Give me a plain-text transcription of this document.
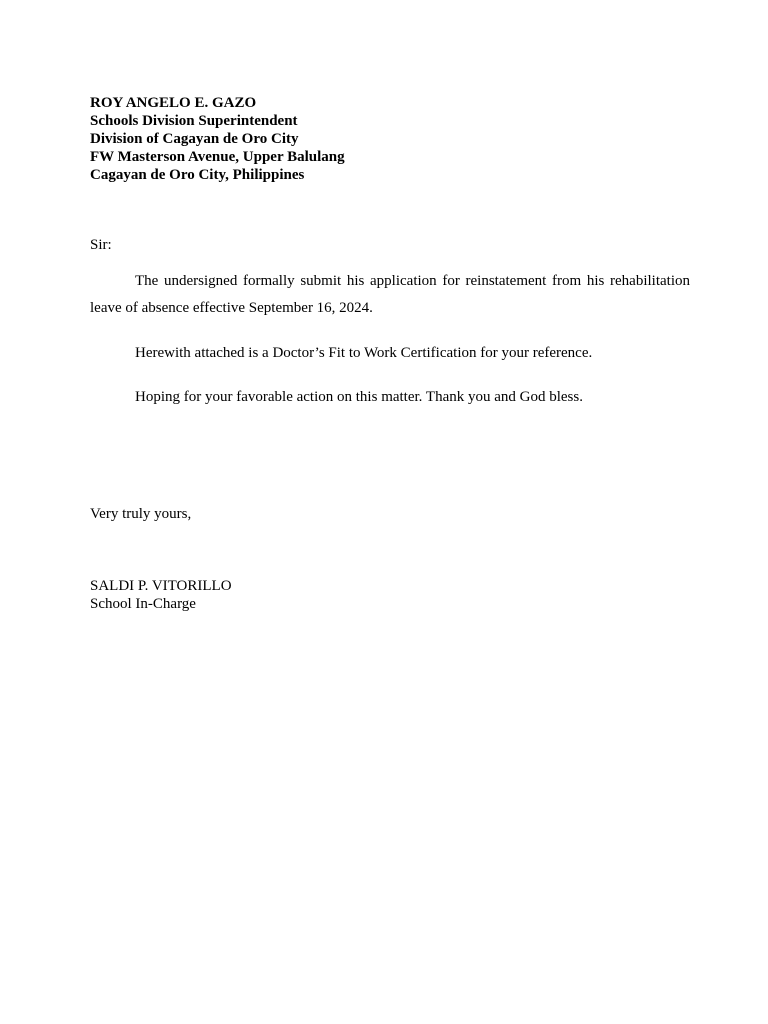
ROY ANGELO E. GAZO
Schools Division Superintendent
Division of Cagayan de Oro City
FW Masterson Avenue, Upper Balulang
Cagayan de Oro City, Philippines
Sir:
The undersigned formally submit his application for reinstatement from his rehabilitation leave of absence effective September 16, 2024.
Herewith attached is a Doctor’s Fit to Work Certification for your reference.
Hoping for your favorable action on this matter. Thank you and God bless.
Very truly yours,
SALDI P. VITORILLO
School In-Charge
